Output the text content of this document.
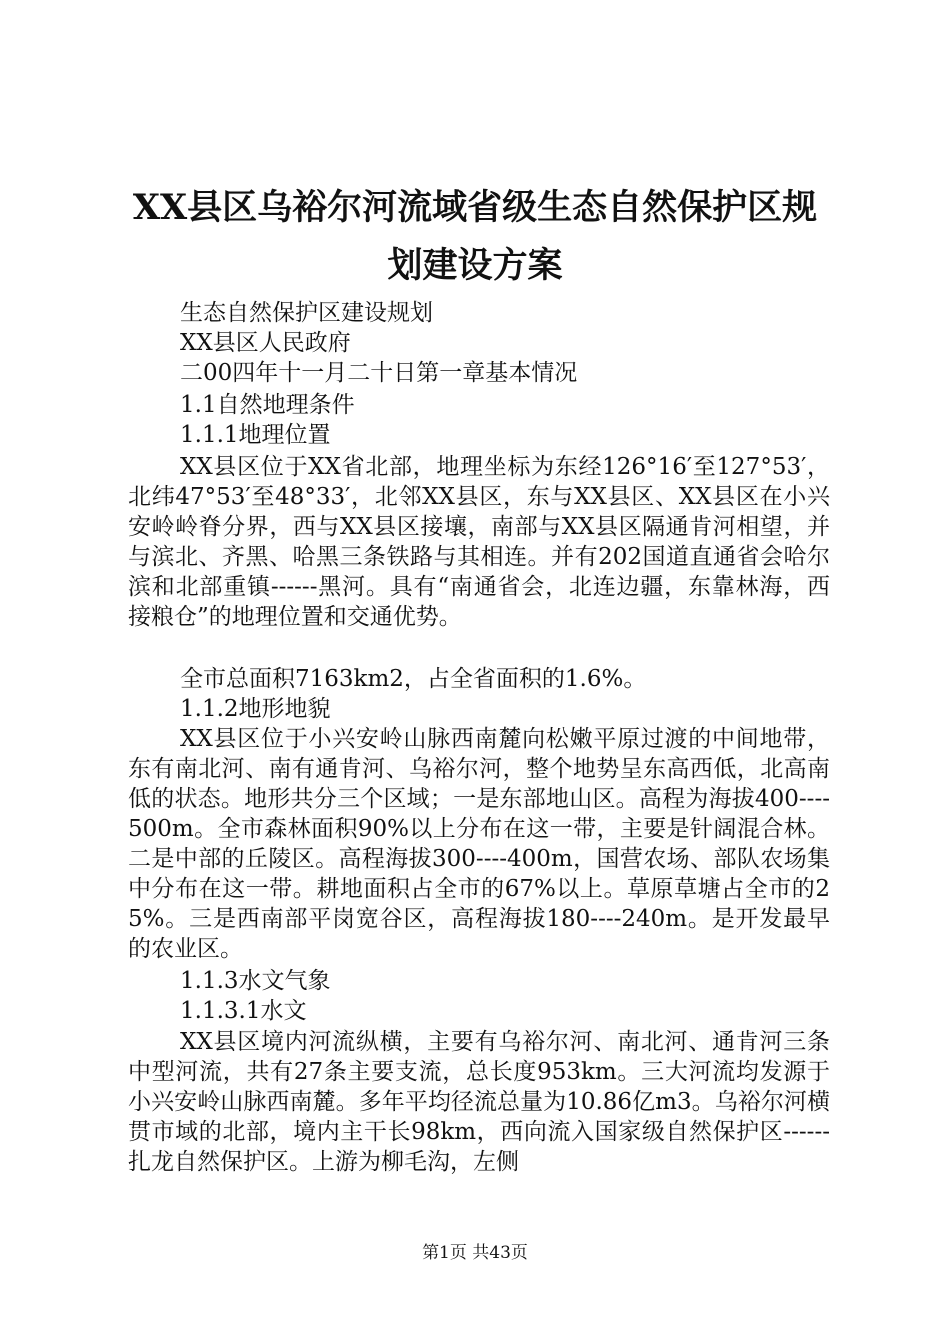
XX县区乌裕尔河流域省级生态自然保护区规
划建设方案

生态自然保护区建设规划

XX县区人民政府

二00四年十一月二十日第一章基本情况

1.1自然地理条件

1.1.1地理位置

XX县区位于XX省北部，地理坐标为东经126°16′至127°53′，北纬47°53′至48°33′，北邻XX县区，东与XX县区、XX县区在小兴安岭岭脊分界，西与XX县区接壤，南部与XX县区隔通肯河相望，并与滨北、齐黑、哈黑三条铁路与其相连。并有202国道直通省会哈尔滨和北部重镇------黑河。具有“南通省会，北连边疆，东靠林海，西接粮仓”的地理位置和交通优势。

全市总面积7163km2，占全省面积的1.6%。

1.1.2地形地貌

XX县区位于小兴安岭山脉西南麓向松嫩平原过渡的中间地带，东有南北河、南有通肯河、乌裕尔河，整个地势呈东高西低，北高南低的状态。地形共分三个区域；一是东部地山区。高程为海拔400----500m。全市森林面积90%以上分布在这一带，主要是针阔混合林。二是中部的丘陵区。高程海拔300----400m，国营农场、部队农场集中分布在这一带。耕地面积占全市的67%以上。草原草塘占全市的25%。三是西南部平岗宽谷区，高程海拔180----240m。是开发最早的农业区。

1.1.3水文气象

1.1.3.1水文

XX县区境内河流纵横，主要有乌裕尔河、南北河、通肯河三条中型河流，共有27条主要支流，总长度953km。三大河流均发源于小兴安岭山脉西南麓。多年平均径流总量为10.86亿m3。乌裕尔河横贯市域的北部，境内主干长98km，西向流入国家级自然保护区------扎龙自然保护区。上游为柳毛沟，左侧

第1页 共43页
